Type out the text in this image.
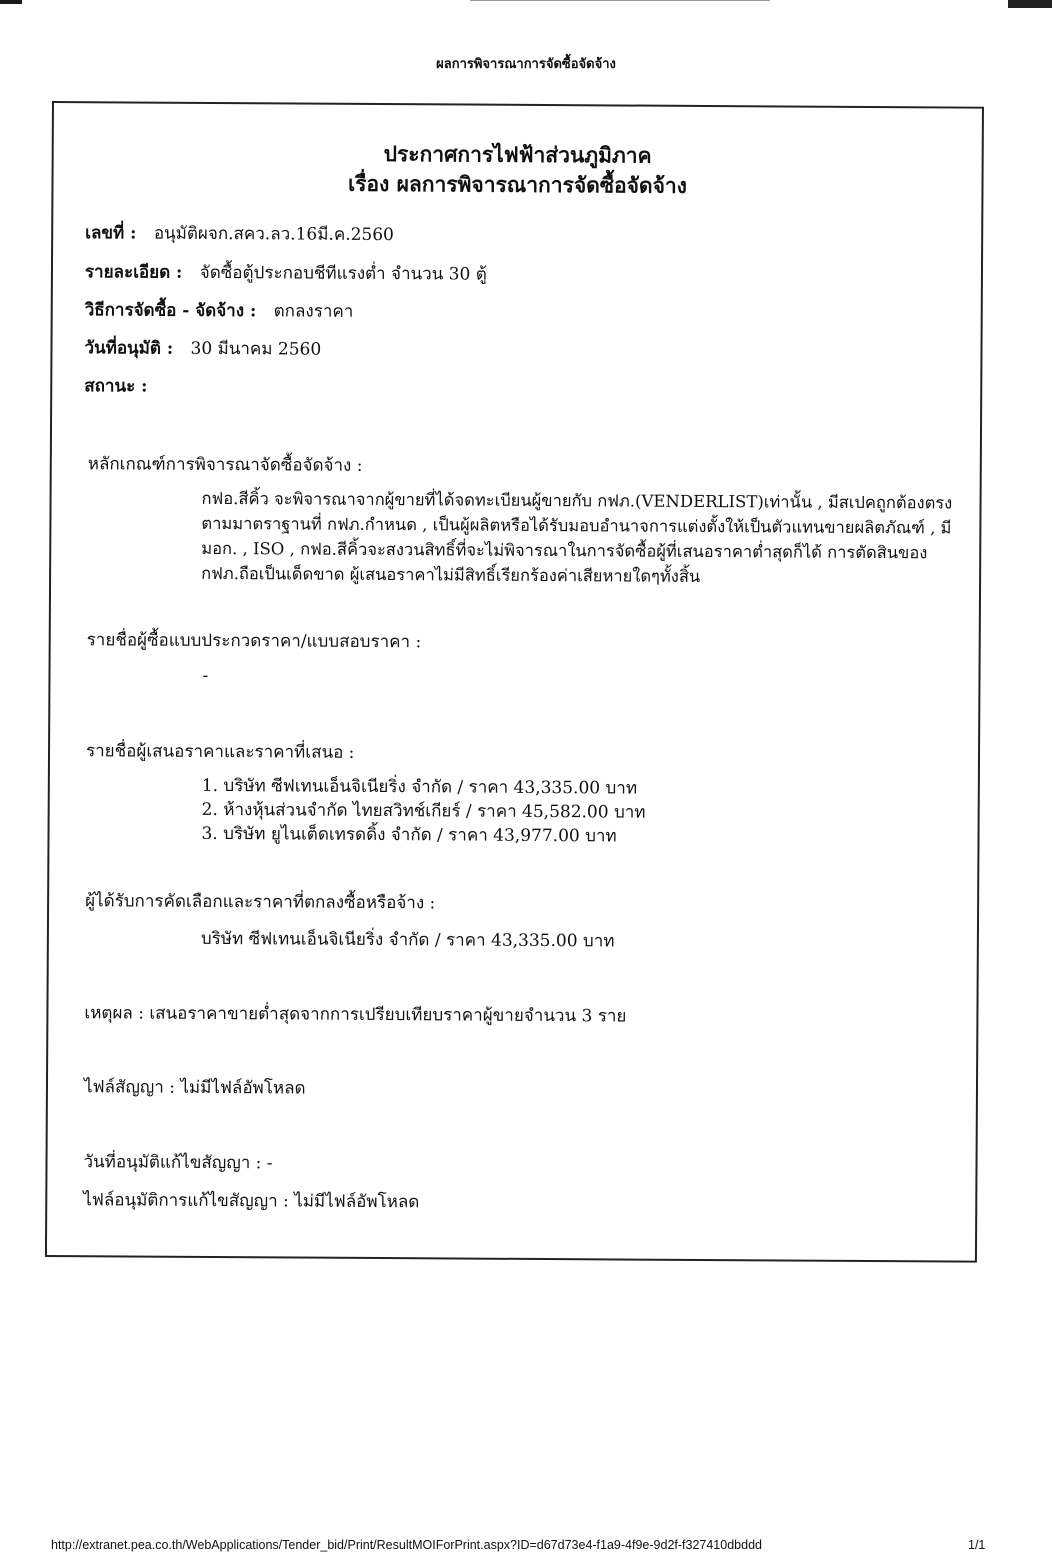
ผลการพิจารณาการจัดซื้อจัดจ้าง
ประกาศการไฟฟ้าส่วนภูมิภาค
เรื่อง ผลการพิจารณาการจัดซื้อจัดจ้าง
เลขที่ : อนุมัติผจก.สคว.ลว.16มี.ค.2560
รายละเอียด : จัดซื้อตู้ประกอบชีทีแรงต่ำ จำนวน 30 ตู้
วิธีการจัดซื้อ - จัดจ้าง : ตกลงราคา
วันที่อนุมัติ : 30 มีนาคม 2560
สถานะ :
หลักเกณฑ์การพิจารณาจัดซื้อจัดจ้าง :
กฟอ.สีคิ้ว จะพิจารณาจากผู้ขายที่ได้จดทะเบียนผู้ขายกับ กฟภ.(VENDERLIST)เท่านั้น , มีสเปคถูกต้องตรง
ตามมาตราฐานที่ กฟภ.กำหนด , เป็นผู้ผลิตหรือได้รับมอบอำนาจการแต่งตั้งให้เป็นตัวแทนขายผลิตภัณฑ์ , มี
มอก. , ISO , กฟอ.สีคิ้วจะสงวนสิทธิ์ที่จะไม่พิจารณาในการจัดซื้อผู้ที่เสนอราคาต่ำสุดก็ได้ การตัดสินของ
กฟภ.ถือเป็นเด็ดขาด ผู้เสนอราคาไม่มีสิทธิ์เรียกร้องค่าเสียหายใดๆทั้งสิ้น
รายชื่อผู้ซื้อแบบประกวดราคา/แบบสอบราคา :
-
รายชื่อผู้เสนอราคาและราคาที่เสนอ :
1. บริษัท ซีฟเทนเอ็นจิเนียริ่ง จำกัด / ราคา 43,335.00 บาท
2. ห้างหุ้นส่วนจำกัด ไทยสวิทช์เกียร์ / ราคา 45,582.00 บาท
3. บริษัท ยูไนเต็ดเทรดดิ้ง จำกัด / ราคา 43,977.00 บาท
ผู้ได้รับการคัดเลือกและราคาที่ตกลงซื้อหรือจ้าง :
บริษัท ซีฟเทนเอ็นจิเนียริ่ง จำกัด / ราคา 43,335.00 บาท
เหตุผล : เสนอราคาขายต่ำสุดจากการเปรียบเทียบราคาผู้ขายจำนวน 3 ราย
ไฟล์สัญญา : ไม่มีไฟล์อัพโหลด
วันที่อนุมัติแก้ไขสัญญา : -
ไฟล์อนุมัติการแก้ไขสัญญา : ไม่มีไฟล์อัพโหลด
http://extranet.pea.co.th/WebApplications/Tender_bid/Print/ResultMOIForPrint.aspx?ID=d67d73e4-f1a9-4f9e-9d2f-f327410dbddd	1/1
